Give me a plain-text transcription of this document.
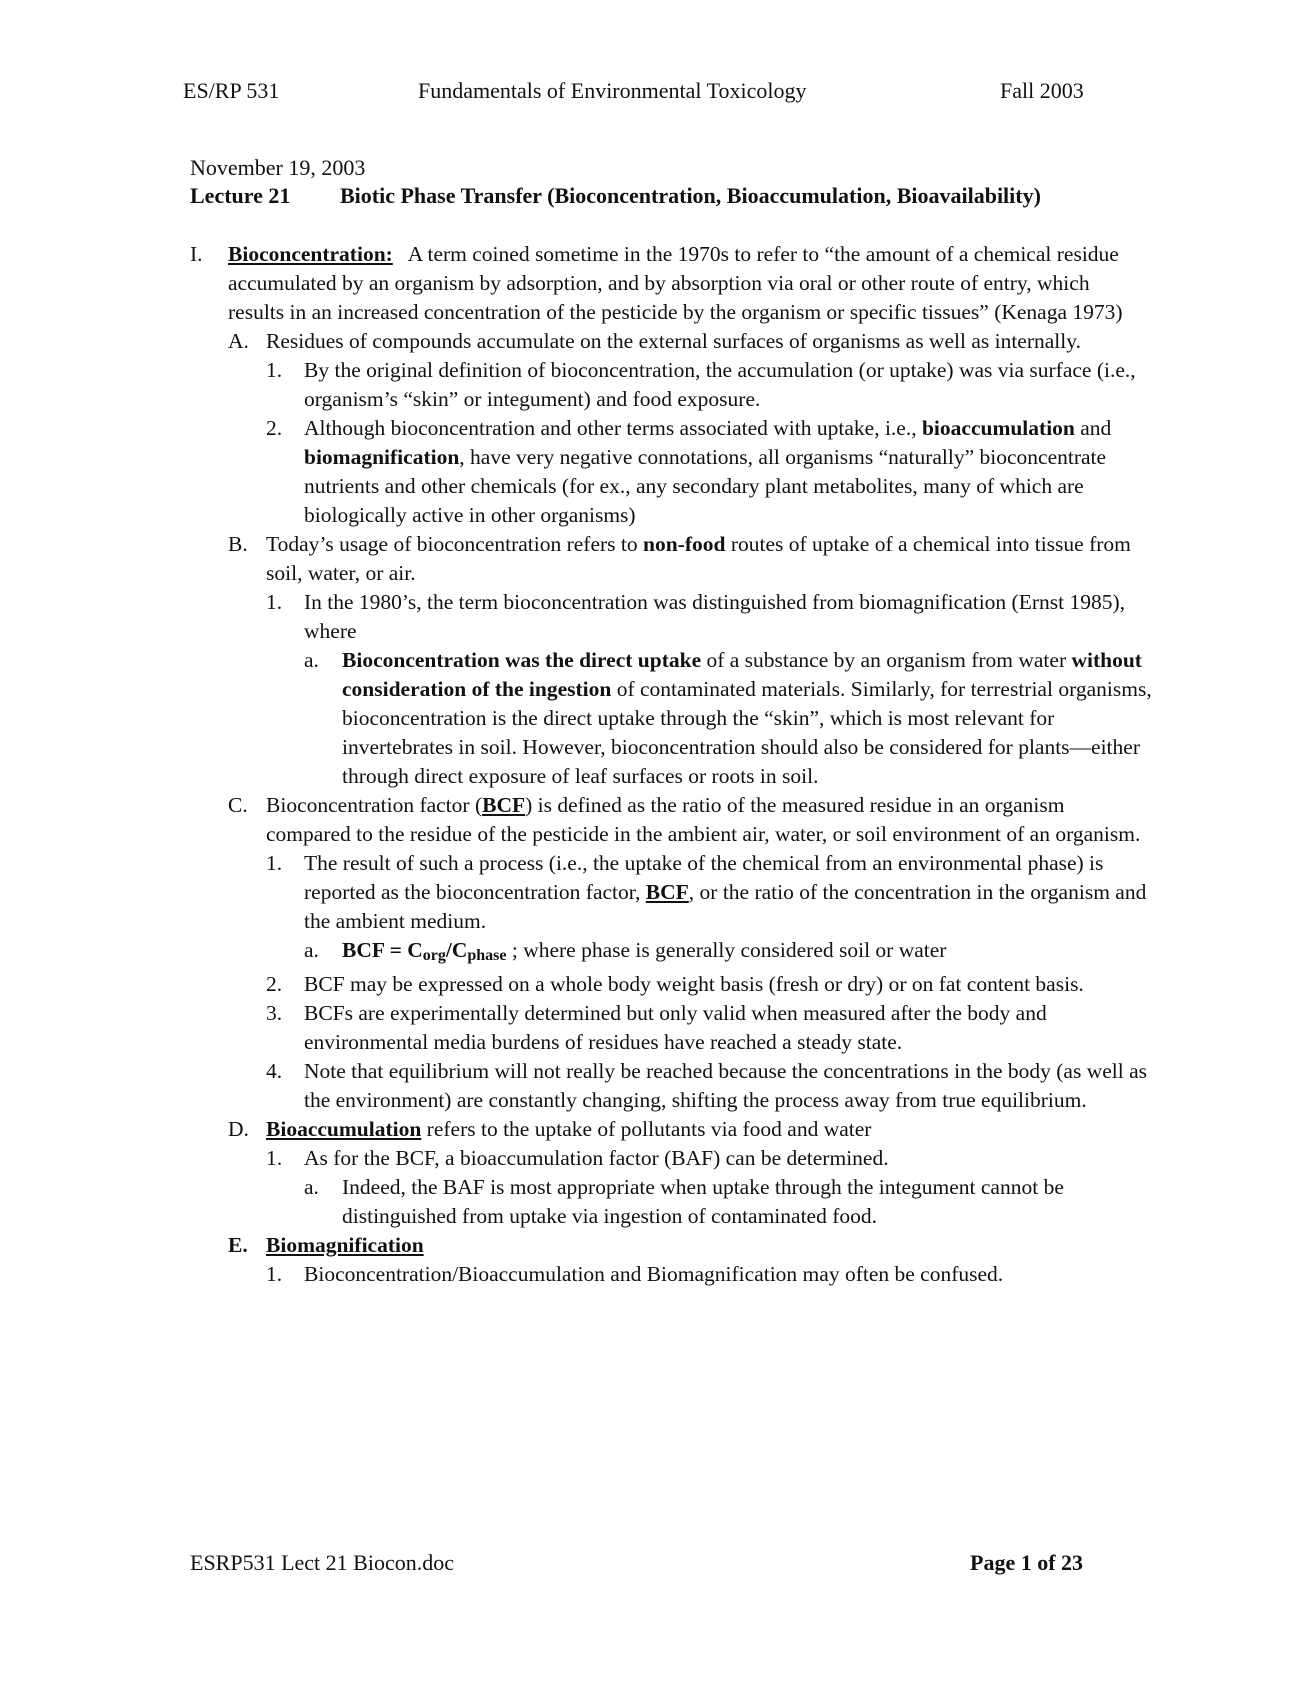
ES/RP 531	Fundamentals of Environmental Toxicology	Fall 2003
November 19, 2003
Lecture 21 Biotic Phase Transfer (Bioconcentration, Bioaccumulation, Bioavailability)
I. Bioconcentration: A term coined sometime in the 1970s to refer to “the amount of a chemical residue accumulated by an organism by adsorption, and by absorption via oral or other route of entry, which results in an increased concentration of the pesticide by the organism or specific tissues” (Kenaga 1973)
A. Residues of compounds accumulate on the external surfaces of organisms as well as internally.
1. By the original definition of bioconcentration, the accumulation (or uptake) was via surface (i.e., organism’s “skin” or integument) and food exposure.
2. Although bioconcentration and other terms associated with uptake, i.e., bioaccumulation and biomagnification, have very negative connotations, all organisms “naturally” bioconcentrate nutrients and other chemicals (for ex., any secondary plant metabolites, many of which are biologically active in other organisms)
B. Today’s usage of bioconcentration refers to non-food routes of uptake of a chemical into tissue from soil, water, or air.
1. In the 1980’s, the term bioconcentration was distinguished from biomagnification (Ernst 1985), where
a. Bioconcentration was the direct uptake of a substance by an organism from water without consideration of the ingestion of contaminated materials. Similarly, for terrestrial organisms, bioconcentration is the direct uptake through the “skin”, which is most relevant for invertebrates in soil. However, bioconcentration should also be considered for plants—either through direct exposure of leaf surfaces or roots in soil.
C. Bioconcentration factor (BCF) is defined as the ratio of the measured residue in an organism compared to the residue of the pesticide in the ambient air, water, or soil environment of an organism.
1. The result of such a process (i.e., the uptake of the chemical from an environmental phase) is reported as the bioconcentration factor, BCF, or the ratio of the concentration in the organism and the ambient medium.
a. BCF = Corg/Cphase ; where phase is generally considered soil or water
2. BCF may be expressed on a whole body weight basis (fresh or dry) or on fat content basis.
3. BCFs are experimentally determined but only valid when measured after the body and environmental media burdens of residues have reached a steady state.
4. Note that equilibrium will not really be reached because the concentrations in the body (as well as the environment) are constantly changing, shifting the process away from true equilibrium.
D. Bioaccumulation refers to the uptake of pollutants via food and water
1. As for the BCF, a bioaccumulation factor (BAF) can be determined.
a. Indeed, the BAF is most appropriate when uptake through the integument cannot be distinguished from uptake via ingestion of contaminated food.
E. Biomagnification
1. Bioconcentration/Bioaccumulation and Biomagnification may often be confused.
ESRP531 Lect 21 Biocon.doc	Page 1 of 23
